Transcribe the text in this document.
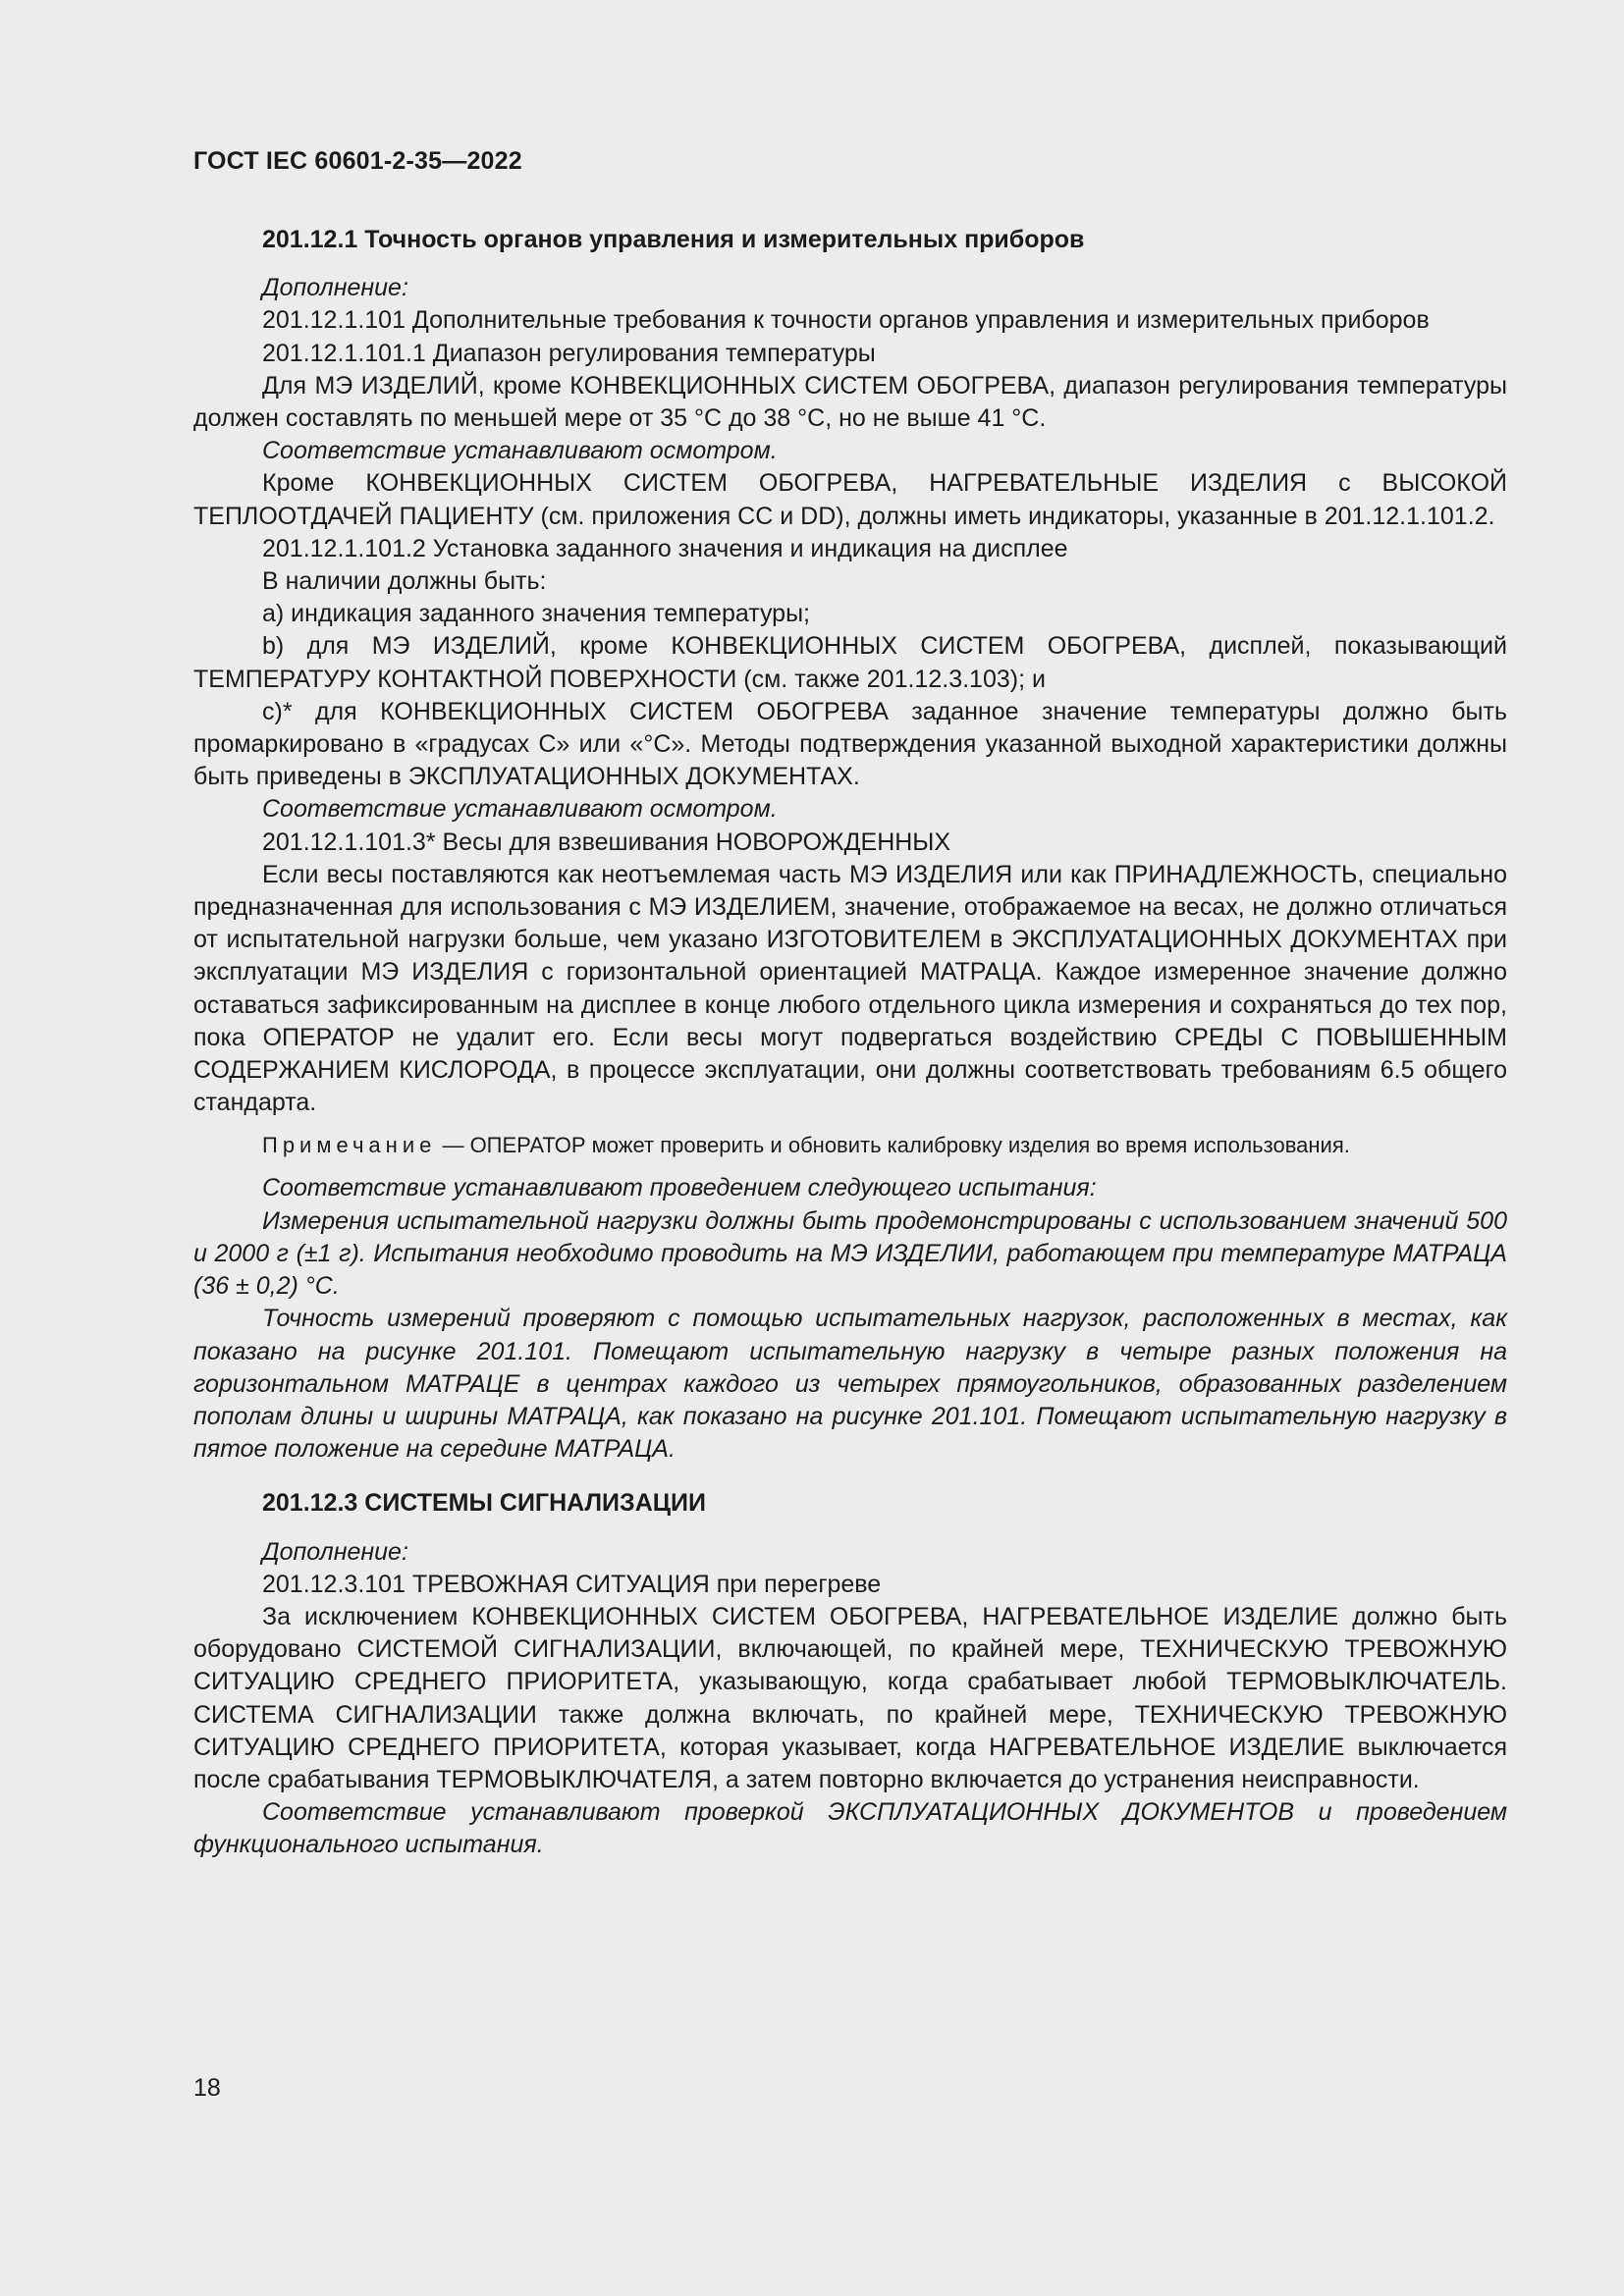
ГОСТ IEC 60601-2-35—2022

201.12.1 Точность органов управления и измерительных приборов

Дополнение:

201.12.1.101 Дополнительные требования к точности органов управления и измерительных приборов

201.12.1.101.1 Диапазон регулирования температуры

Для МЭ ИЗДЕЛИЙ, кроме КОНВЕКЦИОННЫХ СИСТЕМ ОБОГРЕВА, диапазон регулирования температуры должен составлять по меньшей мере от 35 °С до 38 °С, но не выше 41 °С.

Соответствие устанавливают осмотром.

Кроме КОНВЕКЦИОННЫХ СИСТЕМ ОБОГРЕВА, НАГРЕВАТЕЛЬНЫЕ ИЗДЕЛИЯ с ВЫСОКОЙ ТЕПЛООТДАЧЕЙ ПАЦИЕНТУ (см. приложения СС и DD), должны иметь индикаторы, указанные в 201.12.1.101.2.

201.12.1.101.2 Установка заданного значения и индикация на дисплее

В наличии должны быть:

a) индикация заданного значения температуры;

b) для МЭ ИЗДЕЛИЙ, кроме КОНВЕКЦИОННЫХ СИСТЕМ ОБОГРЕВА, дисплей, показывающий ТЕМПЕРАТУРУ КОНТАКТНОЙ ПОВЕРХНОСТИ (см. также 201.12.3.103); и

c)* для КОНВЕКЦИОННЫХ СИСТЕМ ОБОГРЕВА заданное значение температуры должно быть промаркировано в «градусах С» или «°С». Методы подтверждения указанной выходной характеристики должны быть приведены в ЭКСПЛУАТАЦИОННЫХ ДОКУМЕНТАХ.

Соответствие устанавливают осмотром.

201.12.1.101.3* Весы для взвешивания НОВОРОЖДЕННЫХ

Если весы поставляются как неотъемлемая часть МЭ ИЗДЕЛИЯ или как ПРИНАДЛЕЖНОСТЬ, специально предназначенная для использования с МЭ ИЗДЕЛИЕМ, значение, отображаемое на весах, не должно отличаться от испытательной нагрузки больше, чем указано ИЗГОТОВИТЕЛЕМ в ЭКСПЛУАТАЦИОННЫХ ДОКУМЕНТАХ при эксплуатации МЭ ИЗДЕЛИЯ с горизонтальной ориентацией МАТРАЦА. Каждое измеренное значение должно оставаться зафиксированным на дисплее в конце любого отдельного цикла измерения и сохраняться до тех пор, пока ОПЕРАТОР не удалит его. Если весы могут подвергаться воздействию СРЕДЫ С ПОВЫШЕННЫМ СОДЕРЖАНИЕМ КИСЛОРОДА, в процессе эксплуатации, они должны соответствовать требованиям 6.5 общего стандарта.

Примечание — ОПЕРАТОР может проверить и обновить калибровку изделия во время использования.

Соответствие устанавливают проведением следующего испытания:

Измерения испытательной нагрузки должны быть продемонстрированы с использованием значений 500 и 2000 г (±1 г). Испытания необходимо проводить на МЭ ИЗДЕЛИИ, работающем при температуре МАТРАЦА (36 ± 0,2) °С.

Точность измерений проверяют с помощью испытательных нагрузок, расположенных в местах, как показано на рисунке 201.101. Помещают испытательную нагрузку в четыре разных положения на горизонтальном МАТРАЦЕ в центрах каждого из четырех прямоугольников, образованных разделением пополам длины и ширины МАТРАЦА, как показано на рисунке 201.101. Помещают испытательную нагрузку в пятое положение на середине МАТРАЦА.

201.12.3 СИСТЕМЫ СИГНАЛИЗАЦИИ

Дополнение:

201.12.3.101 ТРЕВОЖНАЯ СИТУАЦИЯ при перегреве

За исключением КОНВЕКЦИОННЫХ СИСТЕМ ОБОГРЕВА, НАГРЕВАТЕЛЬНОЕ ИЗДЕЛИЕ должно быть оборудовано СИСТЕМОЙ СИГНАЛИЗАЦИИ, включающей, по крайней мере, ТЕХНИЧЕСКУЮ ТРЕВОЖНУЮ СИТУАЦИЮ СРЕДНЕГО ПРИОРИТЕТА, указывающую, когда срабатывает любой ТЕРМОВЫКЛЮЧАТЕЛЬ. СИСТЕМА СИГНАЛИЗАЦИИ также должна включать, по крайней мере, ТЕХНИЧЕСКУЮ ТРЕВОЖНУЮ СИТУАЦИЮ СРЕДНЕГО ПРИОРИТЕТА, которая указывает, когда НАГРЕВАТЕЛЬНОЕ ИЗДЕЛИЕ выключается после срабатывания ТЕРМОВЫКЛЮЧАТЕЛЯ, а затем повторно включается до устранения неисправности.

Соответствие устанавливают проверкой ЭКСПЛУАТАЦИОННЫХ ДОКУМЕНТОВ и проведением функционального испытания.

18
